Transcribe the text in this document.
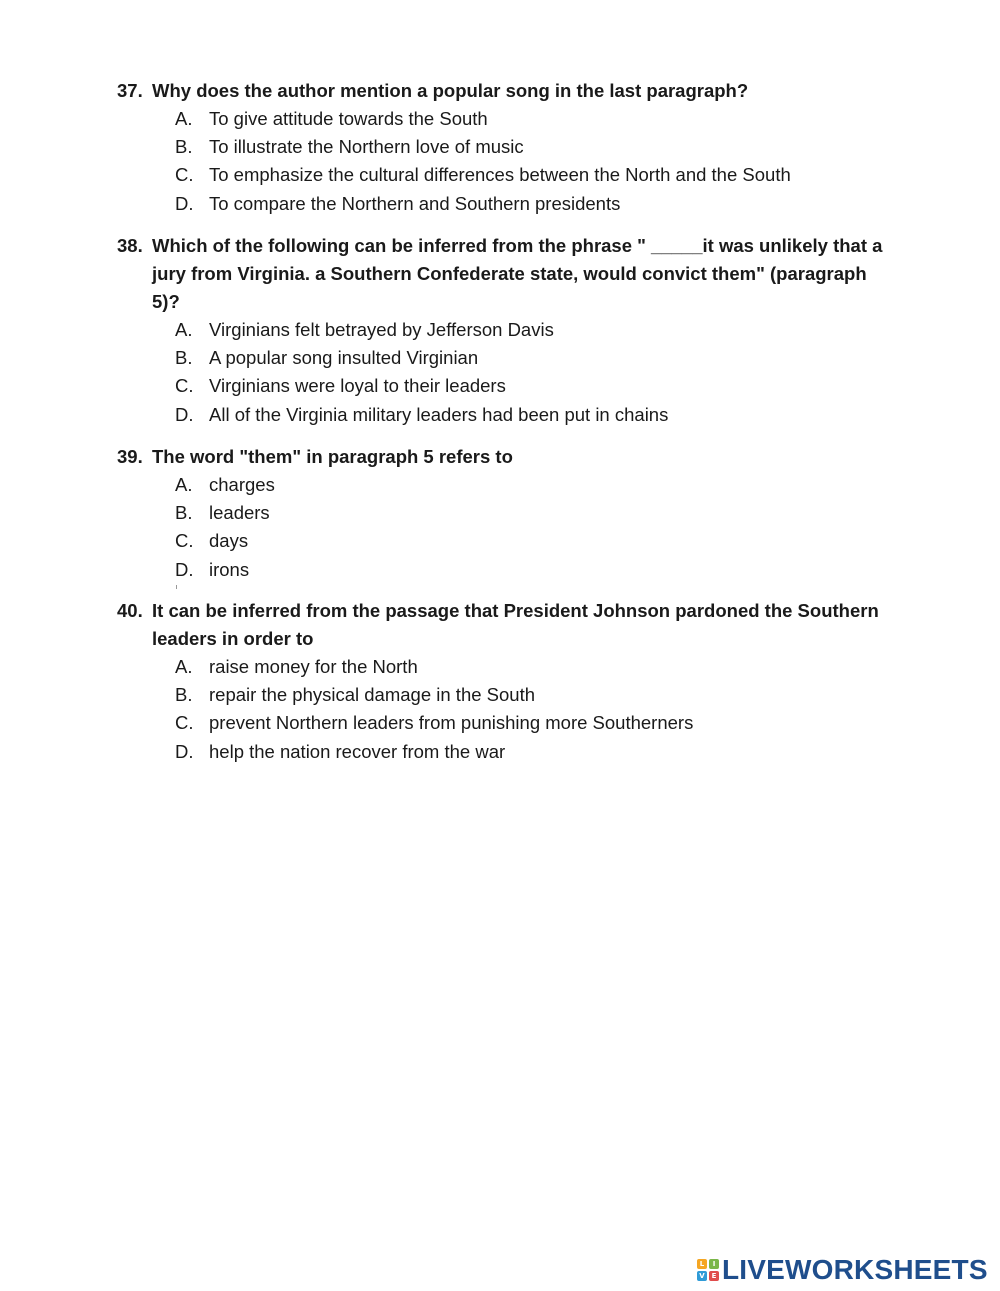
37. Why does the author mention a popular song in the last paragraph?

A. To give attitude towards the South
B. To illustrate the Northern love of music
C. To emphasize the cultural differences between the North and the South
D. To compare the Northern and Southern presidents

38. Which of the following can be inferred from the phrase " _____it was unlikely that a jury from Virginia. a Southern Confederate state, would convict them" (paragraph 5)?

A. Virginians felt betrayed by Jefferson Davis
B. A popular song insulted Virginian
C. Virginians were loyal to their leaders
D. All of the Virginia military leaders had been put in chains

39. The word "them" in paragraph 5 refers to

A. charges
B. leaders
C. days
D. irons

40. It can be inferred from the passage that President Johnson pardoned the Southern leaders in order to

A. raise money for the North
B. repair the physical damage in the South
C. prevent Northern leaders from punishing more Southerners
D. help the nation recover from the war
L	I
V E LIVEWORKSHEETS
